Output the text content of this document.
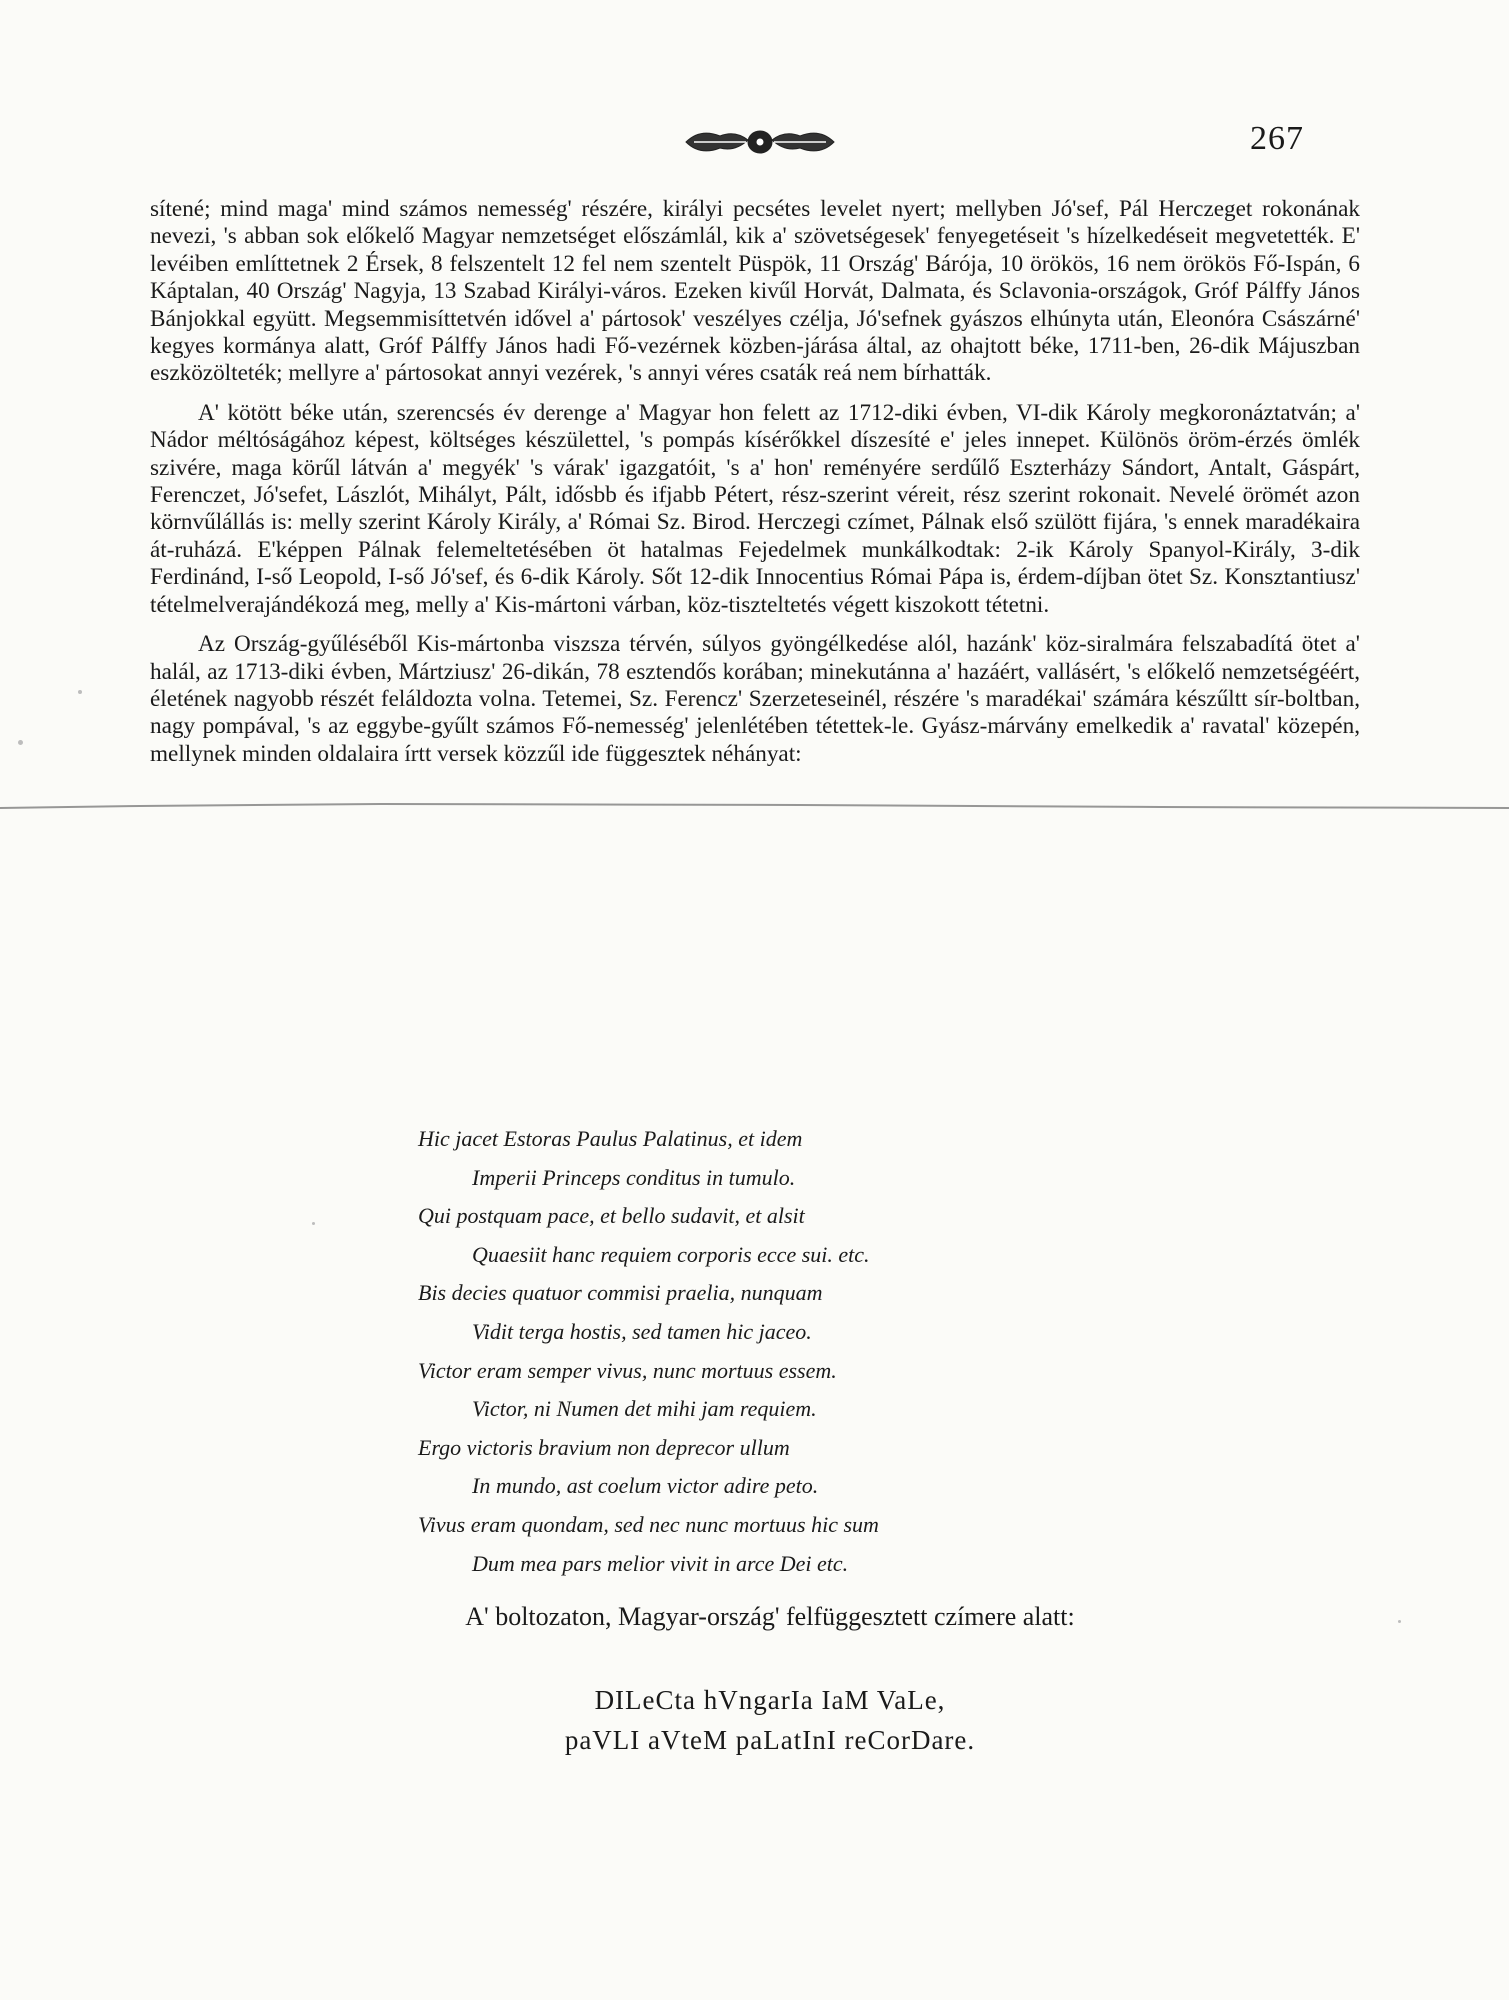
267

sítené; mind maga' mind számos nemesség' részére, királyi pecsétes levelet nyert; mellyben Jó'sef, Pál Herczeget rokonának nevezi, 's abban sok előkelő Magyar nemzetséget előszámlál, kik a' szövetségesek' fenyegetéseit 's hízelkedéseit megvetették. E' levéiben említtetnek 2 Érsek, 8 felszentelt 12 fel nem szentelt Püspök, 11 Ország' Bárója, 10 örökös, 16 nem örökös Fő-Ispán, 6 Káptalan, 40 Ország' Nagyja, 13 Szabad Királyi-város. Ezeken kivűl Horvát, Dalmata, és Sclavonia-országok, Gróf Pálffy János Bánjokkal együtt. Megsemmisíttetvén idővel a' pártosok' veszélyes czélja, Jó'sefnek gyászos elhúnyta után, Eleonóra Császárné' kegyes kormánya alatt, Gróf Pálffy János hadi Fő-vezérnek közben-járása által, az ohajtott béke, 1711-ben, 26-dik Májuszban eszközölteték; mellyre a' pártosokat annyi vezérek, 's annyi véres csaták reá nem bírhatták.

A' kötött béke után, szerencsés év derenge a' Magyar hon felett az 1712-diki évben, VI-dik Károly megkoronáztatván; a' Nádor méltóságához képest, költséges készülettel, 's pompás kísérőkkel díszesíté e' jeles innepet. Különös öröm-érzés ömlék szivére, maga körűl látván a' megyék' 's várak' igazgatóit, 's a' hon' reményére serdűlő Eszterházy Sándort, Antalt, Gáspárt, Ferenczet, Jó'sefet, Lászlót, Mihályt, Pált, idősbb és ifjabb Pétert, rész-szerint véreit, rész szerint rokonait. Nevelé örömét azon körnvűlállás is: melly szerint Károly Király, a' Római Sz. Birod. Herczegi czímet, Pálnak első szülött fijára, 's ennek maradékaira át-ruházá. E'képpen Pálnak felemeltetésében öt hatalmas Fejedelmek munkálkodtak: 2-ik Károly Spanyol-Király, 3-dik Ferdinánd, I-ső Leopold, I-ső Jó'sef, és 6-dik Károly. Sőt 12-dik Innocentius Római Pápa is, érdem-díjban ötet Sz. Konsztantiusz' tételmelverajándékozá meg, melly a' Kis-mártoni várban, köz-tiszteltetés végett kiszokott tétetni.

Az Ország-gyűléséből Kis-mártonba viszsza térvén, súlyos gyöngélkedése alól, hazánk' köz-siralmára felszabadítá ötet a' halál, az 1713-diki évben, Mártziusz' 26-dikán, 78 esztendős korában; minekutánna a' hazáért, vallásért, 's előkelő nemzetségéért, életének nagyobb részét feláldozta volna. Tetemei, Sz. Ferencz' Szerzeteseinél, részére 's maradékai' számára készűltt sír-boltban, nagy pompával, 's az eggybe-gyűlt számos Fő-nemesség' jelenlétében tétettek-le. Gyász-márvány emelkedik a' ravatal' közepén, mellynek minden oldalaira írtt versek közzűl ide függesztek néhányat:

Hic jacet Estoras Paulus Palatinus, et idem
Imperii Princeps conditus in tumulo.
Qui postquam pace, et bello sudavit, et alsit
Quaesiit hanc requiem corporis ecce sui. etc.
Bis decies quatuor commisi praelia, nunquam
Vidit terga hostis, sed tamen hic jaceo.
Victor eram semper vivus, nunc mortuus essem.
Victor, ni Numen det mihi jam requiem.
Ergo victoris bravium non deprecor ullum
In mundo, ast coelum victor adire peto.
Vivus eram quondam, sed nec nunc mortuus hic sum
Dum mea pars melior vivit in arce Dei etc.
A' boltozaton, Magyar-ország' felfüggesztett czímere alatt:
DILeCta hVngarIa IaM VaLe,
paVLI aVteM paLatInI reCorDare.
